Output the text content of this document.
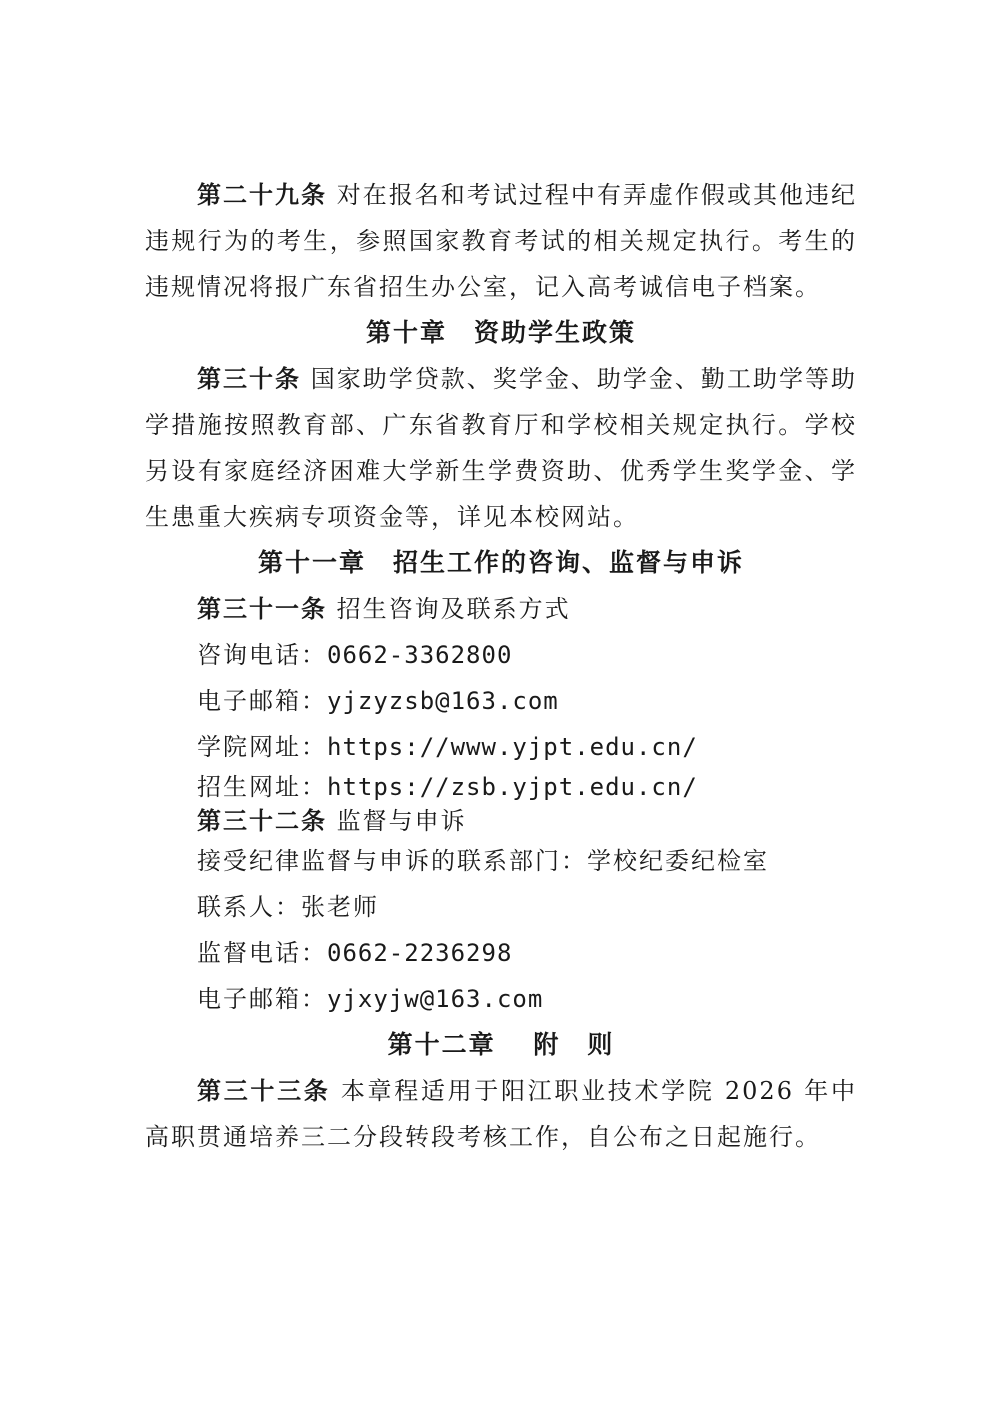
第二十九条 对在报名和考试过程中有弄虚作假或其他违纪违规行为的考生，参照国家教育考试的相关规定执行。考生的违规情况将报广东省招生办公室，记入高考诚信电子档案。

第十章　资助学生政策

第三十条 国家助学贷款、奖学金、助学金、勤工助学等助学措施按照教育部、广东省教育厅和学校相关规定执行。学校另设有家庭经济困难大学新生学费资助、优秀学生奖学金、学生患重大疾病专项资金等，详见本校网站。

第十一章　招生工作的咨询、监督与申诉

第三十一条 招生咨询及联系方式

咨询电话：0662-3362800

电子邮箱：yjzyzsb@163.com

学院网址：https://www.yjpt.edu.cn/

招生网址：https://zsb.yjpt.edu.cn/

第三十二条 监督与申诉

接受纪律监督与申诉的联系部门：学校纪委纪检室

联系人：张老师

监督电话：0662-2236298

电子邮箱：yjxyjw@163.com

第十二章　 附　则

第三十三条 本章程适用于阳江职业技术学院 2026 年中高职贯通培养三二分段转段考核工作，自公布之日起施行。
